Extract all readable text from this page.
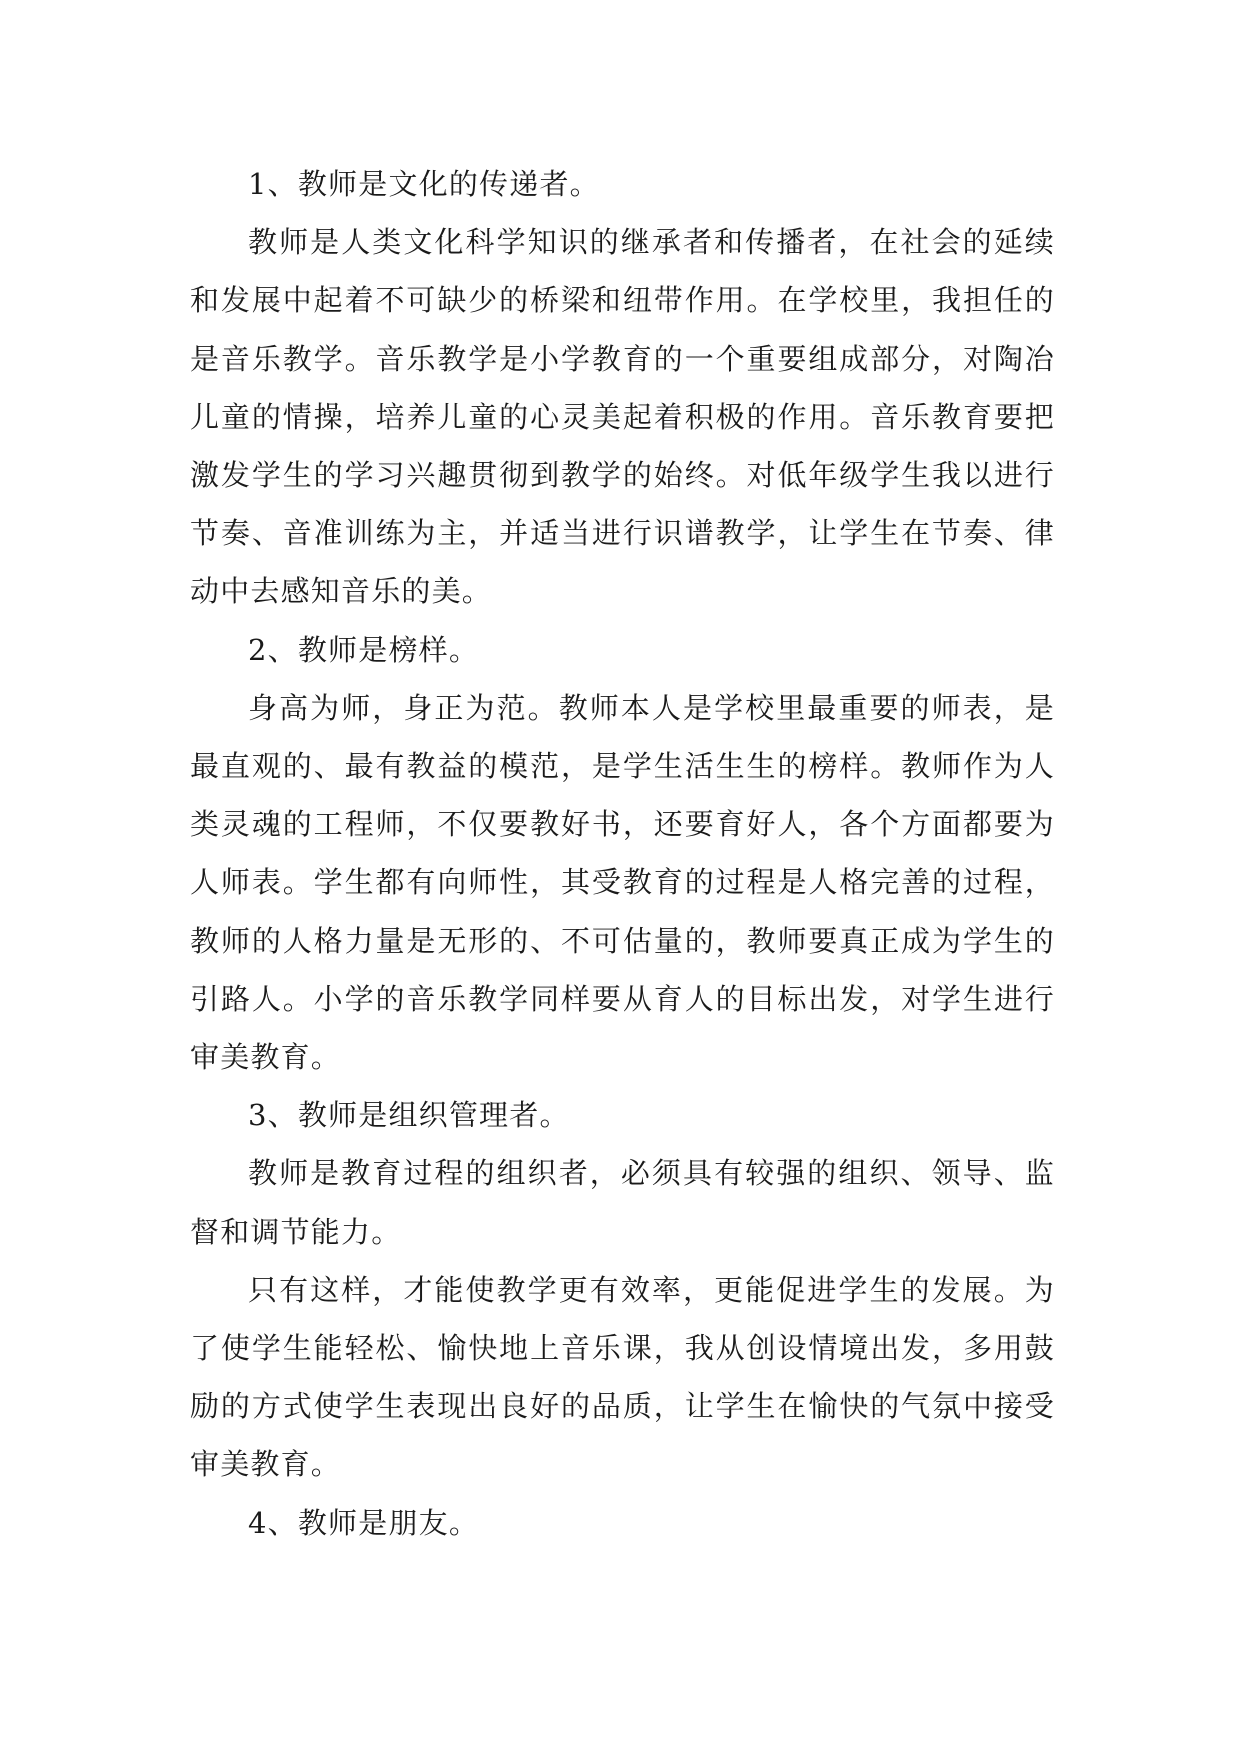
1、教师是文化的传递者。

教师是人类文化科学知识的继承者和传播者，在社会的延续和发展中起着不可缺少的桥梁和纽带作用。在学校里，我担任的是音乐教学。音乐教学是小学教育的一个重要组成部分，对陶冶儿童的情操，培养儿童的心灵美起着积极的作用。音乐教育要把激发学生的学习兴趣贯彻到教学的始终。对低年级学生我以进行节奏、音准训练为主，并适当进行识谱教学，让学生在节奏、律动中去感知音乐的美。

2、教师是榜样。

身高为师，身正为范。教师本人是学校里最重要的师表，是最直观的、最有教益的模范，是学生活生生的榜样。教师作为人类灵魂的工程师，不仅要教好书，还要育好人，各个方面都要为人师表。学生都有向师性，其受教育的过程是人格完善的过程，教师的人格力量是无形的、不可估量的，教师要真正成为学生的引路人。小学的音乐教学同样要从育人的目标出发，对学生进行审美教育。

3、教师是组织管理者。

教师是教育过程的组织者，必须具有较强的组织、领导、监督和调节能力。

只有这样，才能使教学更有效率，更能促进学生的发展。为了使学生能轻松、愉快地上音乐课，我从创设情境出发，多用鼓励的方式使学生表现出良好的品质，让学生在愉快的气氛中接受审美教育。

4、教师是朋友。
